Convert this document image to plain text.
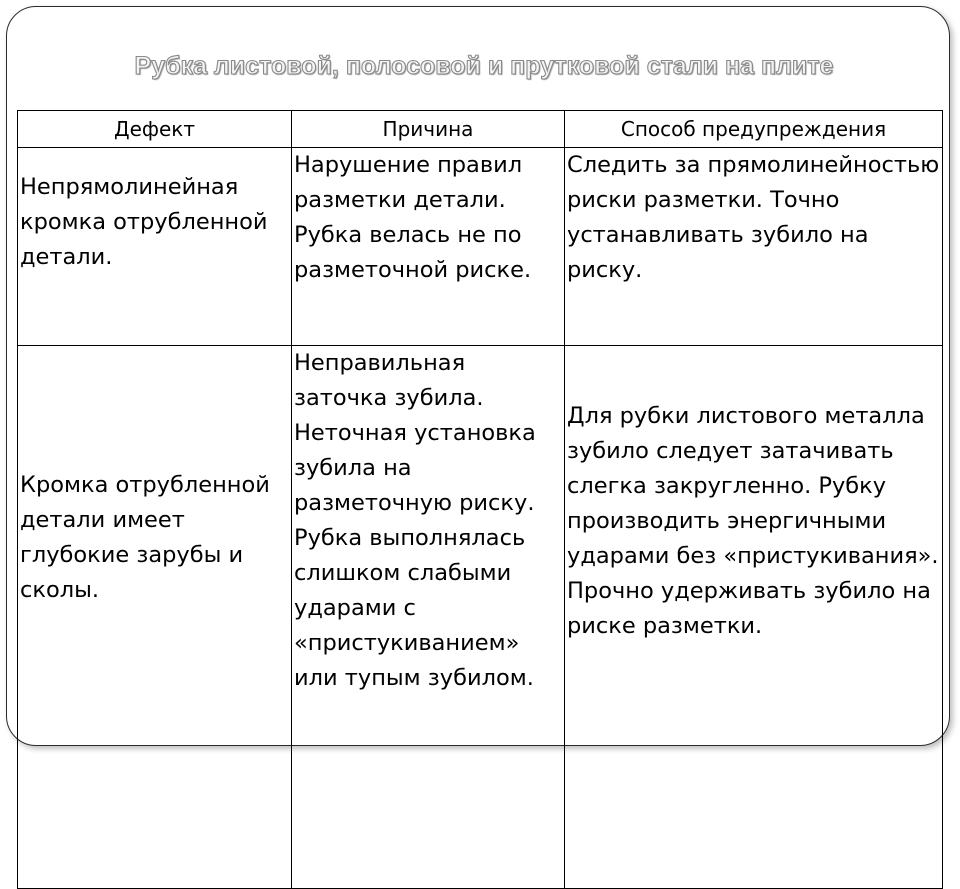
Рубка листовой, полосовой и прутковой стали на плите
Дефект	Причина	Способ предупреждения
Непрямолинейная кромка отрубленной детали.	Нарушение правил разметки детали. Рубка велась не по разметочной риске.	Следить за прямолинейностью риски разметки. Точно устанавливать зубило на риску.
Кромка отрубленной детали имеет глубокие зарубы и сколы.	Неправильная заточка зубила. Неточная установка зубила на разметочную риску. Рубка выполнялась слишком слабыми ударами с «пристукиванием» или тупым зубилом.	Для рубки листового металла зубило следует затачивать слегка закругленно. Рубку производить энергичными ударами без «пристукивания». Прочно удерживать зубило на риске разметки.
